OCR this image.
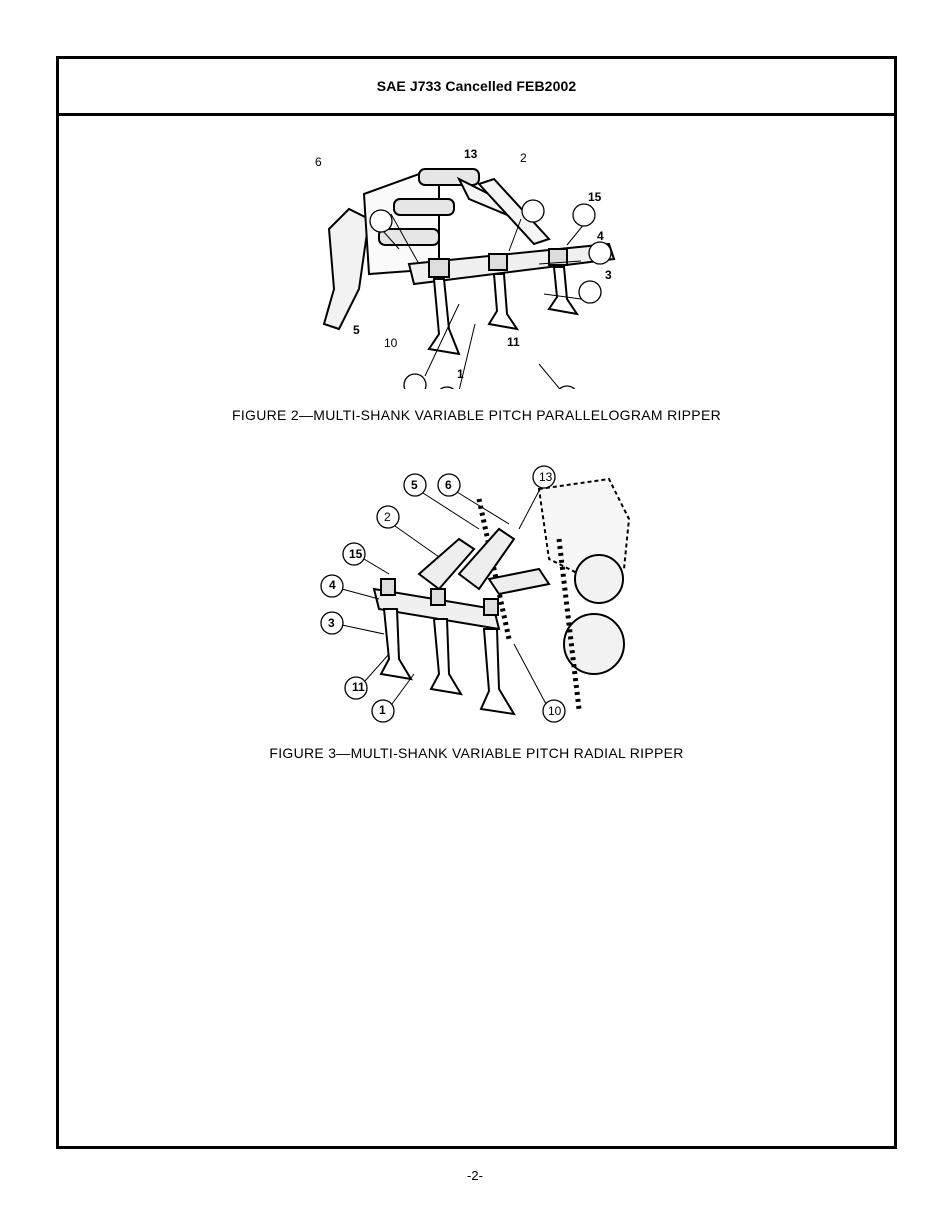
SAE J733 Cancelled FEB2002
6
13	2
15
4
3
5
10	11
1
FIGURE 2—MULTI-SHANK VARIABLE PITCH PARALLELOGRAM RIPPER
5 6
13
2
15
4
3
11
1	10
FIGURE 3—MULTI-SHANK VARIABLE PITCH RADIAL RIPPER
-2-
